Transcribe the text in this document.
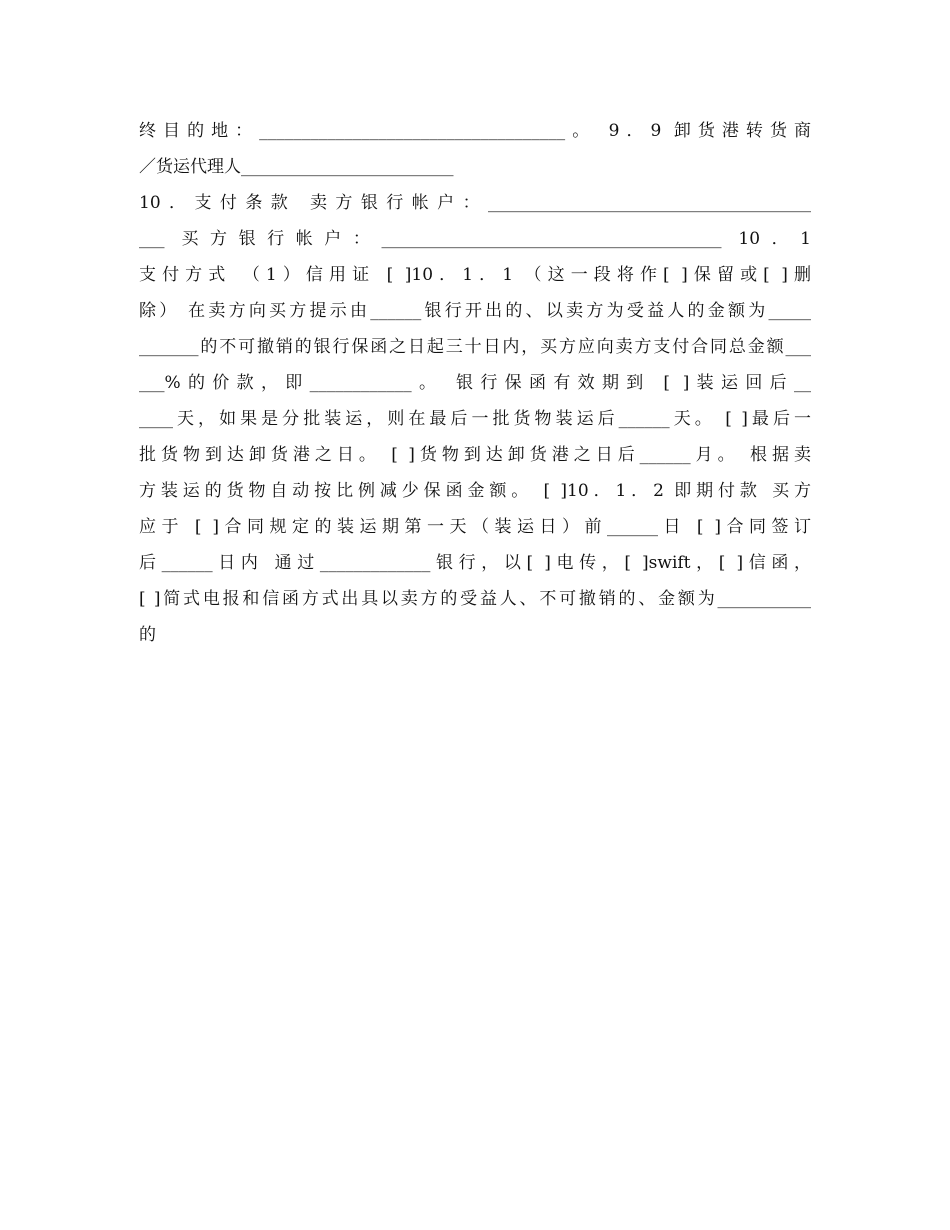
终目的地：____________________________________。 9．9 卸货港转货商
／货运代理人_________________________
10．支付条款 卖方银行帐户：______________________________________
___ 买方银行帐户：________________________________________ 10．1
支付方式 （1）信用证 [ ]10．1．1 （这一段将作[ ]保留或[ ]删
除） 在卖方向买方提示由______银行开出的、以卖方为受益人的金额为_____
_______的不可撤销的银行保函之日起三十日内，买方应向卖方支付合同总金额___
___%的价款，即____________。 银行保函有效期到 [ ]装运回后__
____天，如果是分批装运，则在最后一批货物装运后______天。 [ ]最后一
批货物到达卸货港之日。 [ ]货物到达卸货港之日后______月。 根据卖
方装运的货物自动按比例减少保函金额。 [ ]10．1．2 即期付款 买方
应于 [ ]合同规定的装运期第一天（装运日）前______日 [ ]合同签订
后______日内 通过_____________银行，以[ ]电传，[ ]swift，[ ]信函，
[ ]简式电报和信函方式出具以卖方的受益人、不可撤销的、金额为___________
的
